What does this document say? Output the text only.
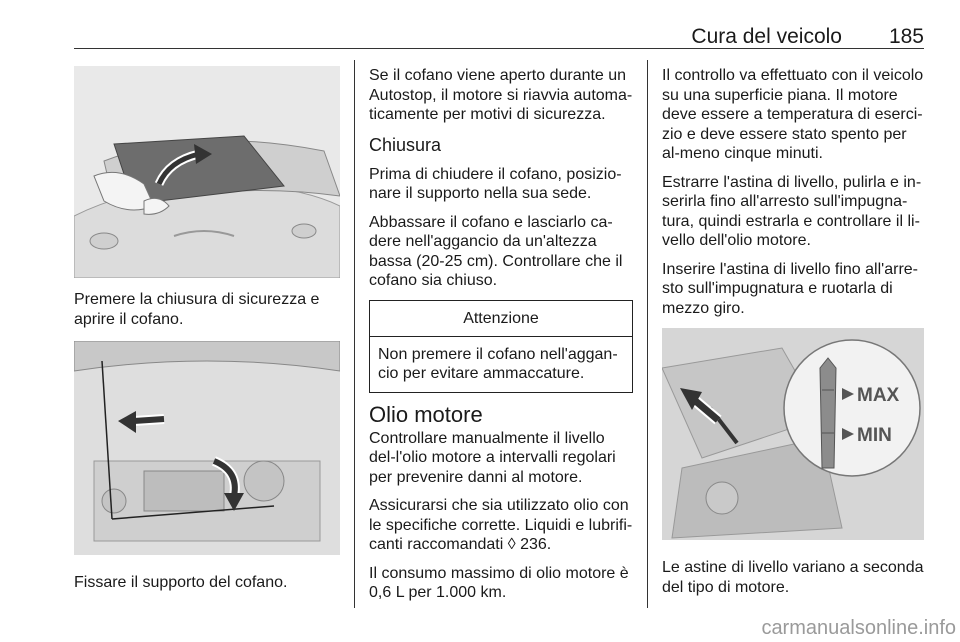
Cura del veicolo 185

Premere la chiusura di sicurezza e aprire il cofano.

Fissare il supporto del cofano.

Se il cofano viene aperto durante un Autostop, il motore si riavvia automa-ticamente per motivi di sicurezza.

Chiusura

Prima di chiudere il cofano, posizio-nare il supporto nella sua sede.

Abbassare il cofano e lasciarlo ca-dere nell'aggancio da un'altezza bassa (20-25 cm). Controllare che il cofano sia chiuso.

Attenzione
Non premere il cofano nell'aggan-cio per evitare ammaccature.
Olio motore

Controllare manualmente il livello del-l'olio motore a intervalli regolari per prevenire danni al motore.

Assicurarsi che sia utilizzato olio con le specifiche corrette. Liquidi e lubrifi-canti raccomandati ◊ 236.

Il consumo massimo di olio motore è 0,6 L per 1.000 km.

Il controllo va effettuato con il veicolo su una superficie piana. Il motore deve essere a temperatura di eserci-zio e deve essere stato spento per al-meno cinque minuti.

Estrarre l'astina di livello, pulirla e in-serirla fino all'arresto sull'impugna-tura, quindi estrarla e controllare il li-vello dell'olio motore.

Inserire l'astina di livello fino all'arre-sto sull'impugnatura e ruotarla di mezzo giro.

MAX
MIN

Le astine di livello variano a seconda del tipo di motore.

carmanualsonline.info
